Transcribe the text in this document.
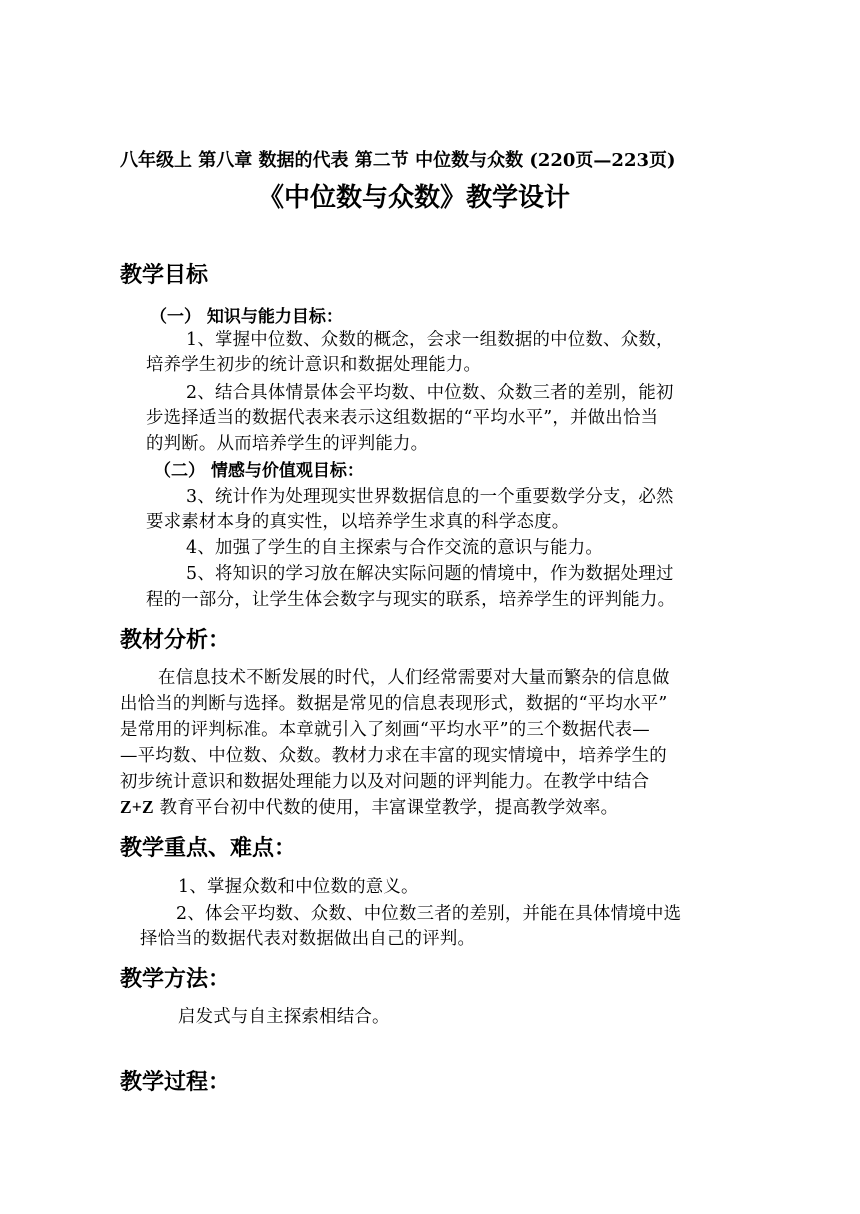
八年级上 第八章 数据的代表 第二节 中位数与众数 (220页—223页)
《中位数与众数》教学设计
教学目标
（一） 知识与能力目标：
1、掌握中位数、众数的概念，会求一组数据的中位数、众数，
培养学生初步的统计意识和数据处理能力。
2、结合具体情景体会平均数、中位数、众数三者的差别，能初
步选择适当的数据代表来表示这组数据的“平均水平”，并做出恰当
的判断。从而培养学生的评判能力。
（二） 情感与价值观目标：
3、统计作为处理现实世界数据信息的一个重要数学分支，必然
要求素材本身的真实性，以培养学生求真的科学态度。
4、加强了学生的自主探索与合作交流的意识与能力。
5、将知识的学习放在解决实际问题的情境中，作为数据处理过
程的一部分，让学生体会数字与现实的联系，培养学生的评判能力。
教材分析：
在信息技术不断发展的时代，人们经常需要对大量而繁杂的信息做
出恰当的判断与选择。数据是常见的信息表现形式，数据的“平均水平”
是常用的评判标准。本章就引入了刻画“平均水平”的三个数据代表—
—平均数、中位数、众数。教材力求在丰富的现实情境中，培养学生的
初步统计意识和数据处理能力以及对问题的评判能力。在教学中结合
Z+Z 教育平台初中代数的使用，丰富课堂教学，提高教学效率。
教学重点、难点：
1、掌握众数和中位数的意义。
2、体会平均数、众数、中位数三者的差别，并能在具体情境中选
择恰当的数据代表对数据做出自己的评判。
教学方法：
启发式与自主探索相结合。
教学过程：
